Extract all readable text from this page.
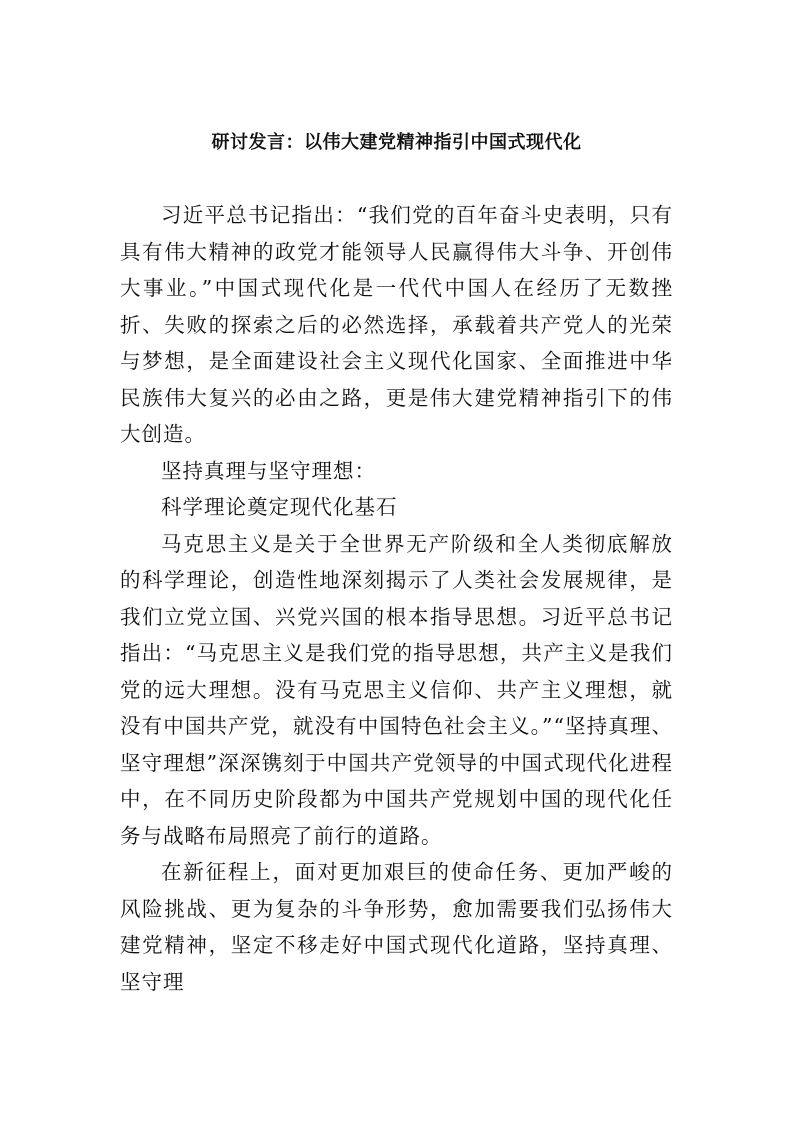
研讨发言：以伟大建党精神指引中国式现代化

习近平总书记指出：“我们党的百年奋斗史表明，只有具有伟大精神的政党才能领导人民赢得伟大斗争、开创伟大事业。”中国式现代化是一代代中国人在经历了无数挫折、失败的探索之后的必然选择，承载着共产党人的光荣与梦想，是全面建设社会主义现代化国家、全面推进中华民族伟大复兴的必由之路，更是伟大建党精神指引下的伟大创造。

坚持真理与坚守理想：

科学理论奠定现代化基石

马克思主义是关于全世界无产阶级和全人类彻底解放的科学理论，创造性地深刻揭示了人类社会发展规律，是我们立党立国、兴党兴国的根本指导思想。习近平总书记指出：“马克思主义是我们党的指导思想，共产主义是我们党的远大理想。没有马克思主义信仰、共产主义理想，就没有中国共产党，就没有中国特色社会主义。”“坚持真理、坚守理想”深深镌刻于中国共产党领导的中国式现代化进程中，在不同历史阶段都为中国共产党规划中国的现代化任务与战略布局照亮了前行的道路。

在新征程上，面对更加艰巨的使命任务、更加严峻的风险挑战、更为复杂的斗争形势，愈加需要我们弘扬伟大建党精神，坚定不移走好中国式现代化道路，坚持真理、坚守理
